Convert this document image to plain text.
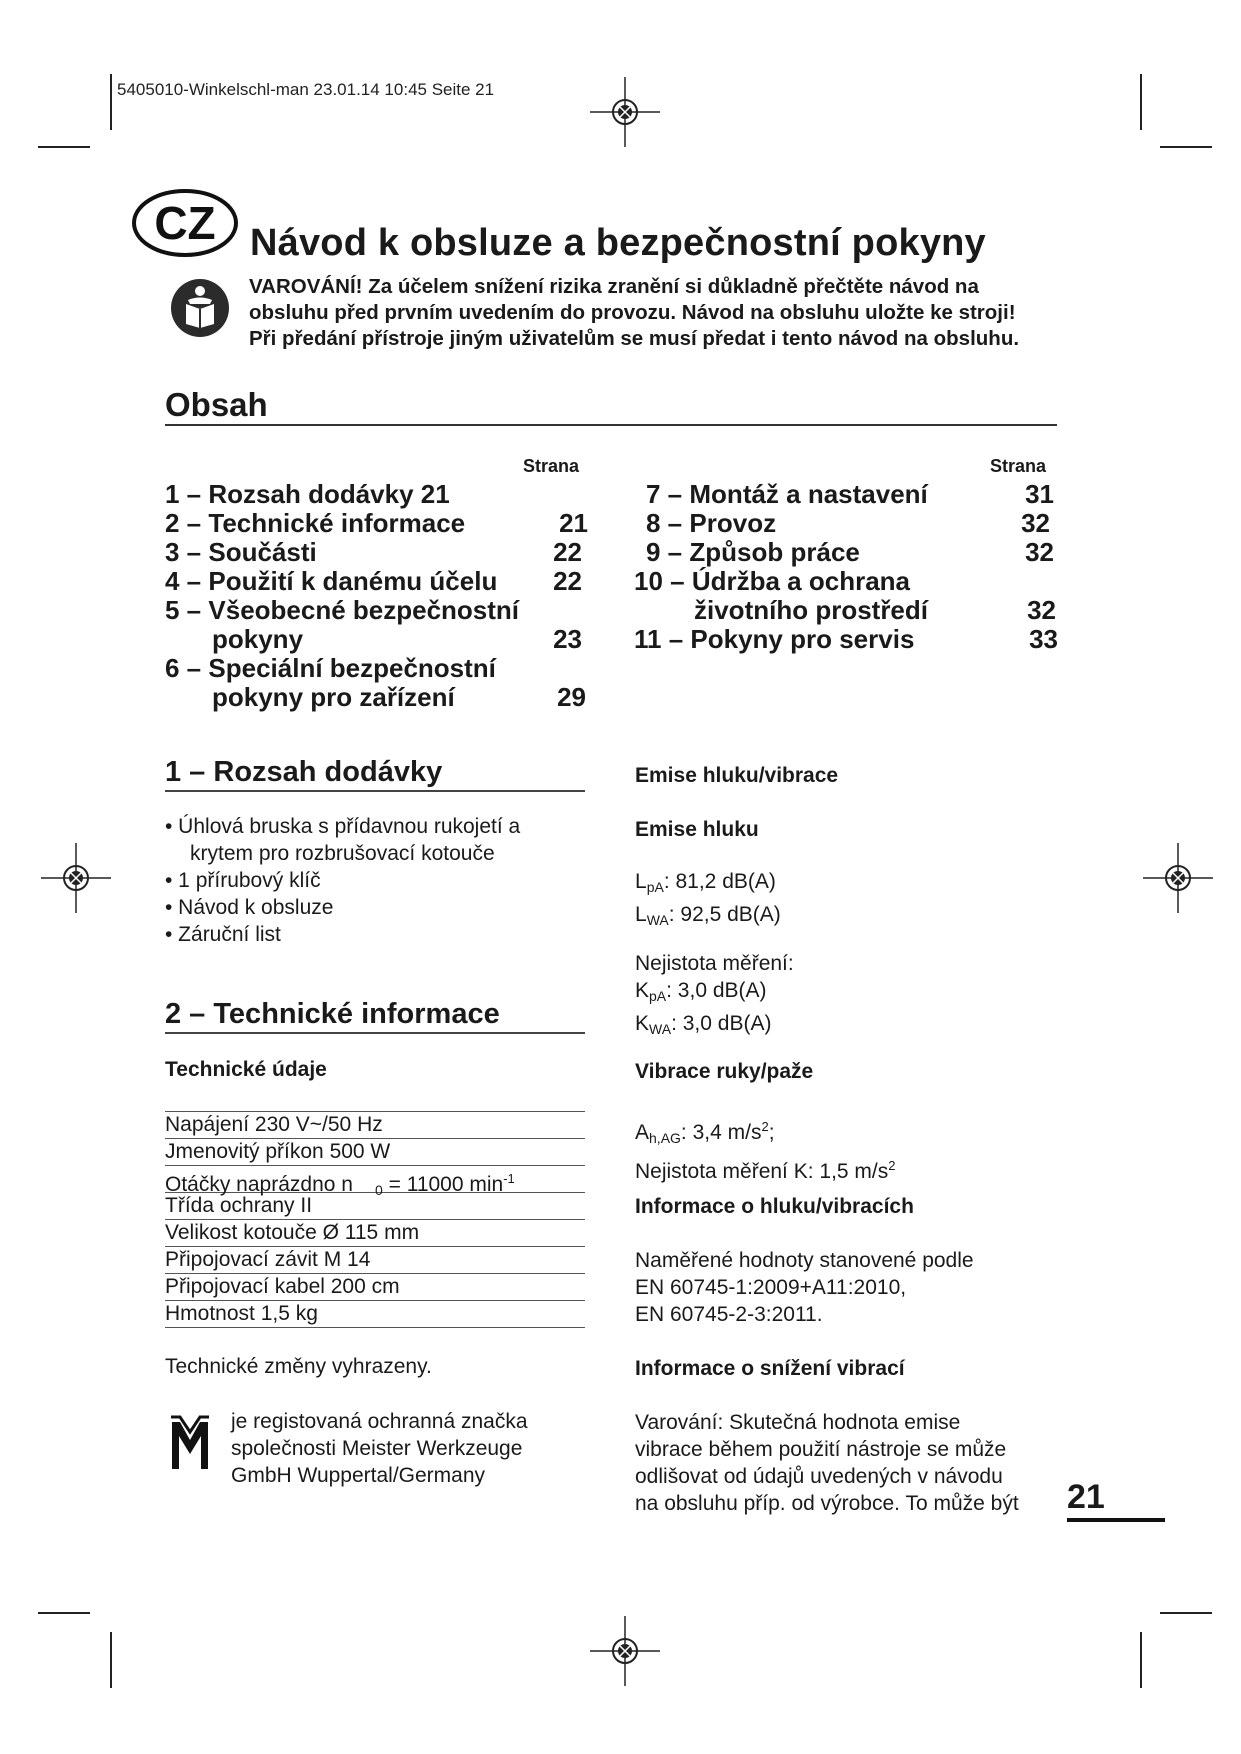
5405010-Winkelschl-man 23.01.14 10:45 Seite 21
CZ Návod k obsluze a bezpečnostní pokyny
VAROVÁNÍ! Za účelem snížení rizika zranění si důkladně přečtěte návod na
obsluhu před prvním uvedením do provozu. Návod na obsluhu uložte ke stroji!
Při předání přístroje jiným uživatelům se musí předat i tento návod na obsluhu.
Obsah
Strana	Strana
1 – Rozsah dodávky 21
2 – Technické informace	21
3 – Součásti	22
4 – Použití k danému účelu	22
5 – Všeobecné bezpečnostní
pokyny	23
6 – Speciální bezpečnostní
pokyny pro zařízení	29
7 – Montáž a nastavení	31
8 – Provoz	32
9 – Způsob práce	32
10 – Údržba a ochrana
životního prostředí	32
11 – Pokyny pro servis	33
1 – Rozsah dodávky
• Úhlová bruska s přídavnou rukojetí a
krytem pro rozbrušovací kotouče
• 1 přírubový klíč
• Návod k obsluze
• Záruční list
2 – Technické informace
Technické údaje
Napájení 230 V~/50 Hz
Jmenovitý příkon 500 W
Otáčky naprázdno n $_0$ = 11000 $\min^{-1}$
Třída ochrany II
Velikost kotouče Ø 115 mm
Připojovací závit M 14
Připojovací kabel 200 cm
Hmotnost 1,5 kg
Technické změny vyhrazeny.
je registovaná ochranná značka
společnosti Meister Werkzeuge
GmbH Wuppertal/Germany
Emise hluku/vibrace
Emise hluku
$L_{pA}$: 81,2 dB(A)
$L_{WA}$: 92,5 dB(A)
Nejistota měření:
$K_{pA}$: 3,0 dB(A)
$K_{WA}$: 3,0 dB(A)
Vibrace ruky/paže
$A_{h,AG}$: 3,4 $m/s^2$;
Nejistota měření K: 1,5 $m/s^2$
Informace o hluku/vibracích
Naměřené hodnoty stanovené podle
EN 60745-1:2009+A11:2010,
EN 60745-2-3:2011.
Informace o snížení vibrací
Varování: Skutečná hodnota emise
vibrace během použití nástroje se může
odlišovat od údajů uvedených v návodu
na obsluhu příp. od výrobce. To může být 21
